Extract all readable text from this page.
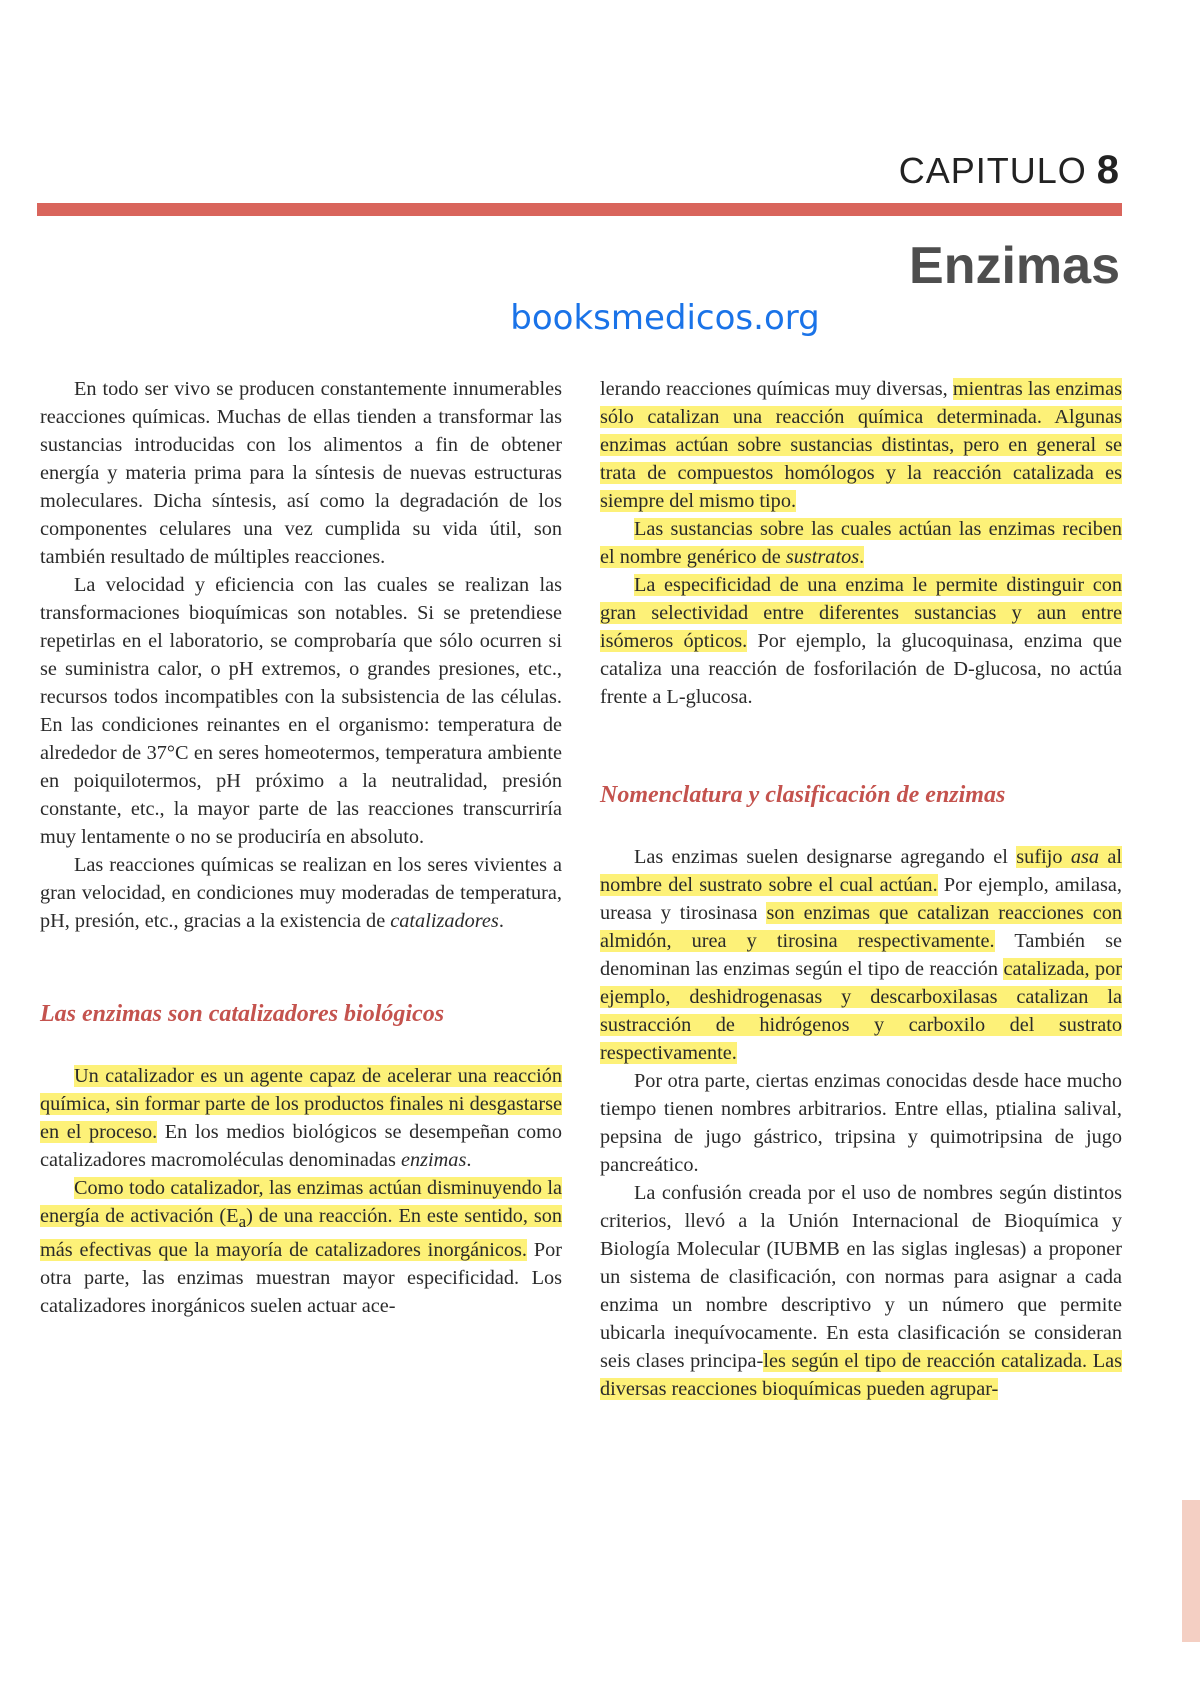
CAPITULO 8
Enzimas
booksmedicos.org

En todo ser vivo se producen constantemente innumerables reacciones químicas. Muchas de ellas tienden a transformar las sustancias introducidas con los alimentos a fin de obtener energía y materia prima para la síntesis de nuevas estructuras moleculares. Dicha síntesis, así como la degradación de los componentes celulares una vez cumplida su vida útil, son también resultado de múltiples reacciones.

La velocidad y eficiencia con las cuales se realizan las transformaciones bioquímicas son notables. Si se pretendiese repetirlas en el laboratorio, se comprobaría que sólo ocurren si se suministra calor, o pH extremos, o grandes presiones, etc., recursos todos incompatibles con la subsistencia de las células. En las condiciones reinantes en el organismo: temperatura de alrededor de 37°C en seres homeotermos, temperatura ambiente en poiquilotermos, pH próximo a la neutralidad, presión constante, etc., la mayor parte de las reacciones transcurriría muy lentamente o no se produciría en absoluto.

Las reacciones químicas se realizan en los seres vivientes a gran velocidad, en condiciones muy moderadas de temperatura, pH, presión, etc., gracias a la existencia de catalizadores.

Las enzimas son catalizadores biológicos

Un catalizador es un agente capaz de acelerar una reacción química, sin formar parte de los productos finales ni desgastarse en el proceso. En los medios biológicos se desempeñan como catalizadores macromoléculas denominadas enzimas.

Como todo catalizador, las enzimas actúan disminuyendo la energía de activación $(E_a)$ de una reacción. En este sentido, son más efectivas que la mayoría de catalizadores inorgánicos. Por otra parte, las enzimas muestran mayor especificidad. Los catalizadores inorgánicos suelen actuar ace-

lerando reacciones químicas muy diversas, mientras las enzimas sólo catalizan una reacción química determinada. Algunas enzimas actúan sobre sustancias distintas, pero en general se trata de compuestos homólogos y la reacción catalizada es siempre del mismo tipo.

Las sustancias sobre las cuales actúan las enzimas reciben el nombre genérico de sustratos.

La especificidad de una enzima le permite distinguir con gran selectividad entre diferentes sustancias y aun entre isómeros ópticos. Por ejemplo, la glucoquinasa, enzima que cataliza una reacción de fosforilación de D-glucosa, no actúa frente a L-glucosa.

Nomenclatura y clasificación de enzimas

Las enzimas suelen designarse agregando el sufijo asa al nombre del sustrato sobre el cual actúan. Por ejemplo, amilasa, ureasa y tirosinasa son enzimas que catalizan reacciones con almidón, urea y tirosina respectivamente. También se denominan las enzimas según el tipo de reacción catalizada, por ejemplo, deshidrogenasas y descarboxilasas catalizan la sustracción de hidrógenos y carboxilo del sustrato respectivamente.

Por otra parte, ciertas enzimas conocidas desde hace mucho tiempo tienen nombres arbitrarios. Entre ellas, ptialina salival, pepsina de jugo gástrico, tripsina y quimotripsina de jugo pancreático.

La confusión creada por el uso de nombres según distintos criterios, llevó a la Unión Internacional de Bioquímica y Biología Molecular (IUBMB en las siglas inglesas) a proponer un sistema de clasificación, con normas para asignar a cada enzima un nombre descriptivo y un número que permite ubicarla inequívocamente. En esta clasificación se consideran seis clases principa-les según el tipo de reacción catalizada. Las diversas reacciones bioquímicas pueden agrupar-
